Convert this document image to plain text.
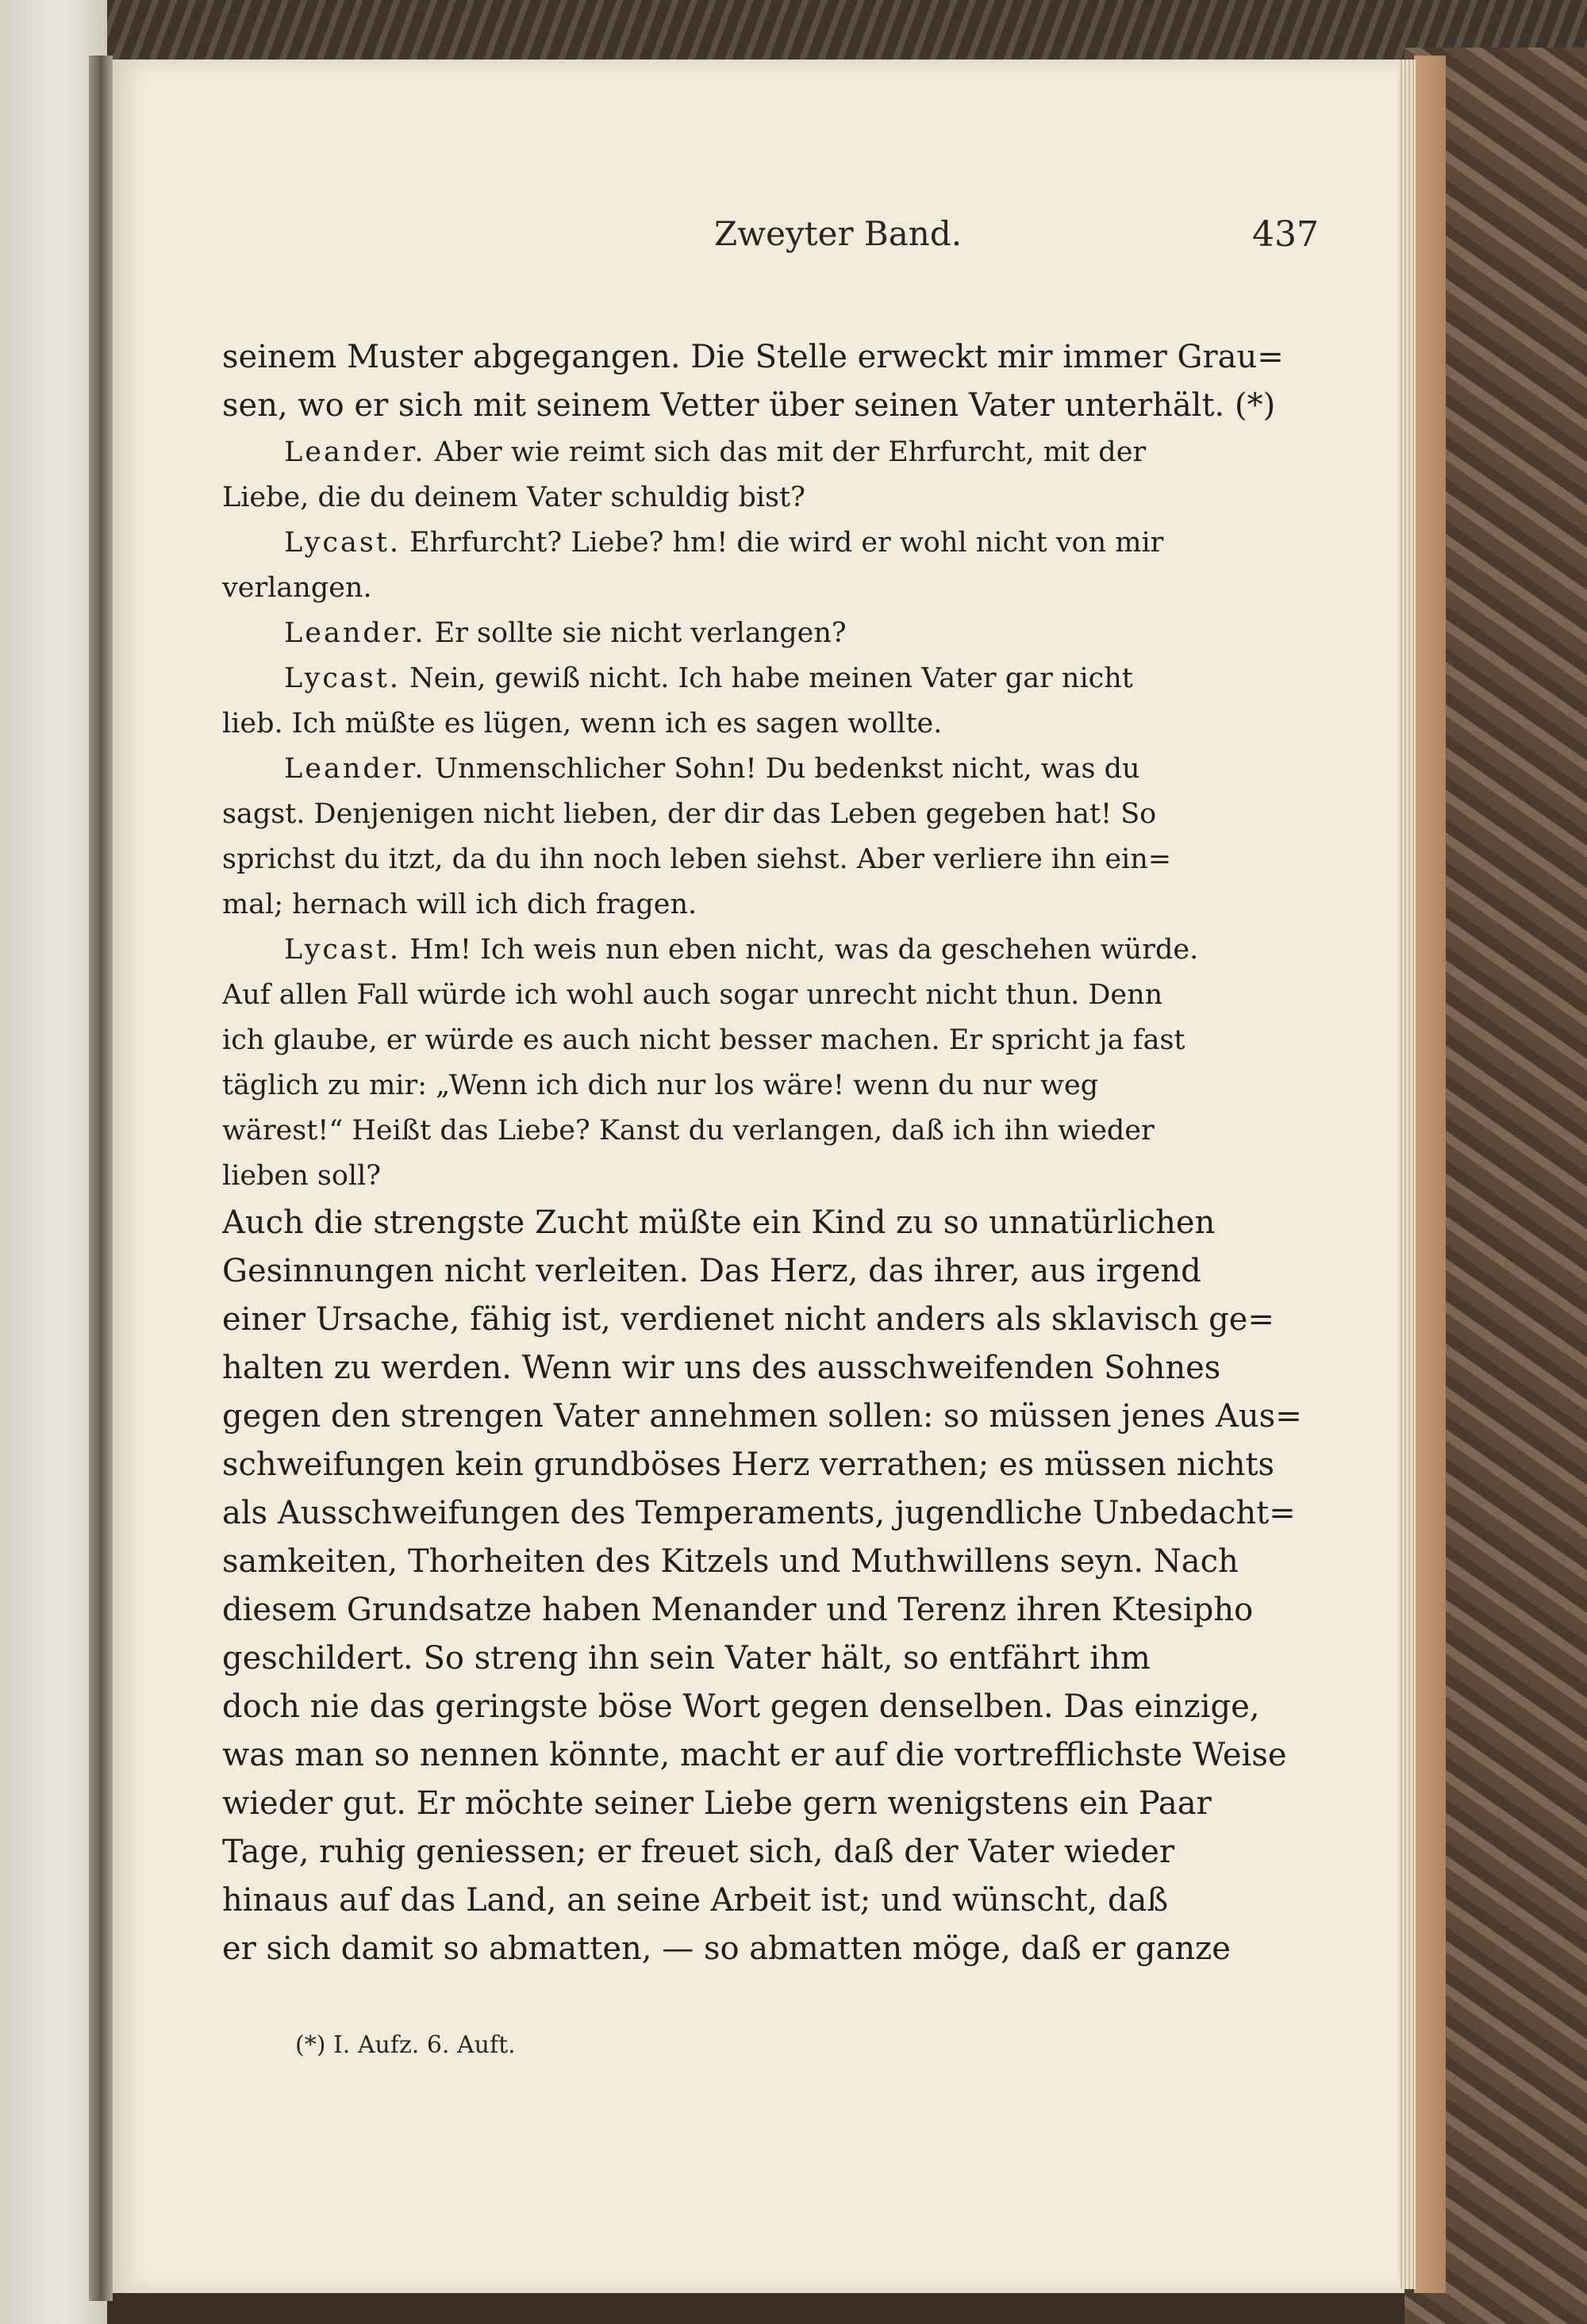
Zweyter Band.	437
seinem Muster abgegangen. Die Stelle erweckt mir immer Grau=
sen, wo er sich mit seinem Vetter über seinen Vater unterhält. (*)
Leander. Aber wie reimt sich das mit der Ehrfurcht, mit der
Liebe, die du deinem Vater schuldig bist?
Lycast. Ehrfurcht? Liebe? hm! die wird er wohl nicht von mir
verlangen.
Leander. Er sollte sie nicht verlangen?
Lycast. Nein, gewiß nicht. Ich habe meinen Vater gar nicht
lieb. Ich müßte es lügen, wenn ich es sagen wollte.
Leander. Unmenschlicher Sohn! Du bedenkst nicht, was du
sagst. Denjenigen nicht lieben, der dir das Leben gegeben hat! So
sprichst du itzt, da du ihn noch leben siehst. Aber verliere ihn ein=
mal; hernach will ich dich fragen.
Lycast. Hm! Ich weis nun eben nicht, was da geschehen würde.
Auf allen Fall würde ich wohl auch sogar unrecht nicht thun. Denn
ich glaube, er würde es auch nicht besser machen. Er spricht ja fast
täglich zu mir: „Wenn ich dich nur los wäre! wenn du nur weg
wärest!“ Heißt das Liebe? Kanst du verlangen, daß ich ihn wieder
lieben soll?
Auch die strengste Zucht müßte ein Kind zu so unnatürlichen
Gesinnungen nicht verleiten. Das Herz, das ihrer, aus irgend
einer Ursache, fähig ist, verdienet nicht anders als sklavisch ge=
halten zu werden. Wenn wir uns des ausschweifenden Sohnes
gegen den strengen Vater annehmen sollen: so müssen jenes Aus=
schweifungen kein grundböses Herz verrathen; es müssen nichts
als Ausschweifungen des Temperaments, jugendliche Unbedacht=
samkeiten, Thorheiten des Kitzels und Muthwillens seyn. Nach
diesem Grundsatze haben Menander und Terenz ihren Ktesipho
geschildert. So streng ihn sein Vater hält, so entfährt ihm
doch nie das geringste böse Wort gegen denselben. Das einzige,
was man so nennen könnte, macht er auf die vortrefflichste Weise
wieder gut. Er möchte seiner Liebe gern wenigstens ein Paar
Tage, ruhig geniessen; er freuet sich, daß der Vater wieder
hinaus auf das Land, an seine Arbeit ist; und wünscht, daß
er sich damit so abmatten, — so abmatten möge, daß er ganze
(*) I. Aufz. 6. Auft.
